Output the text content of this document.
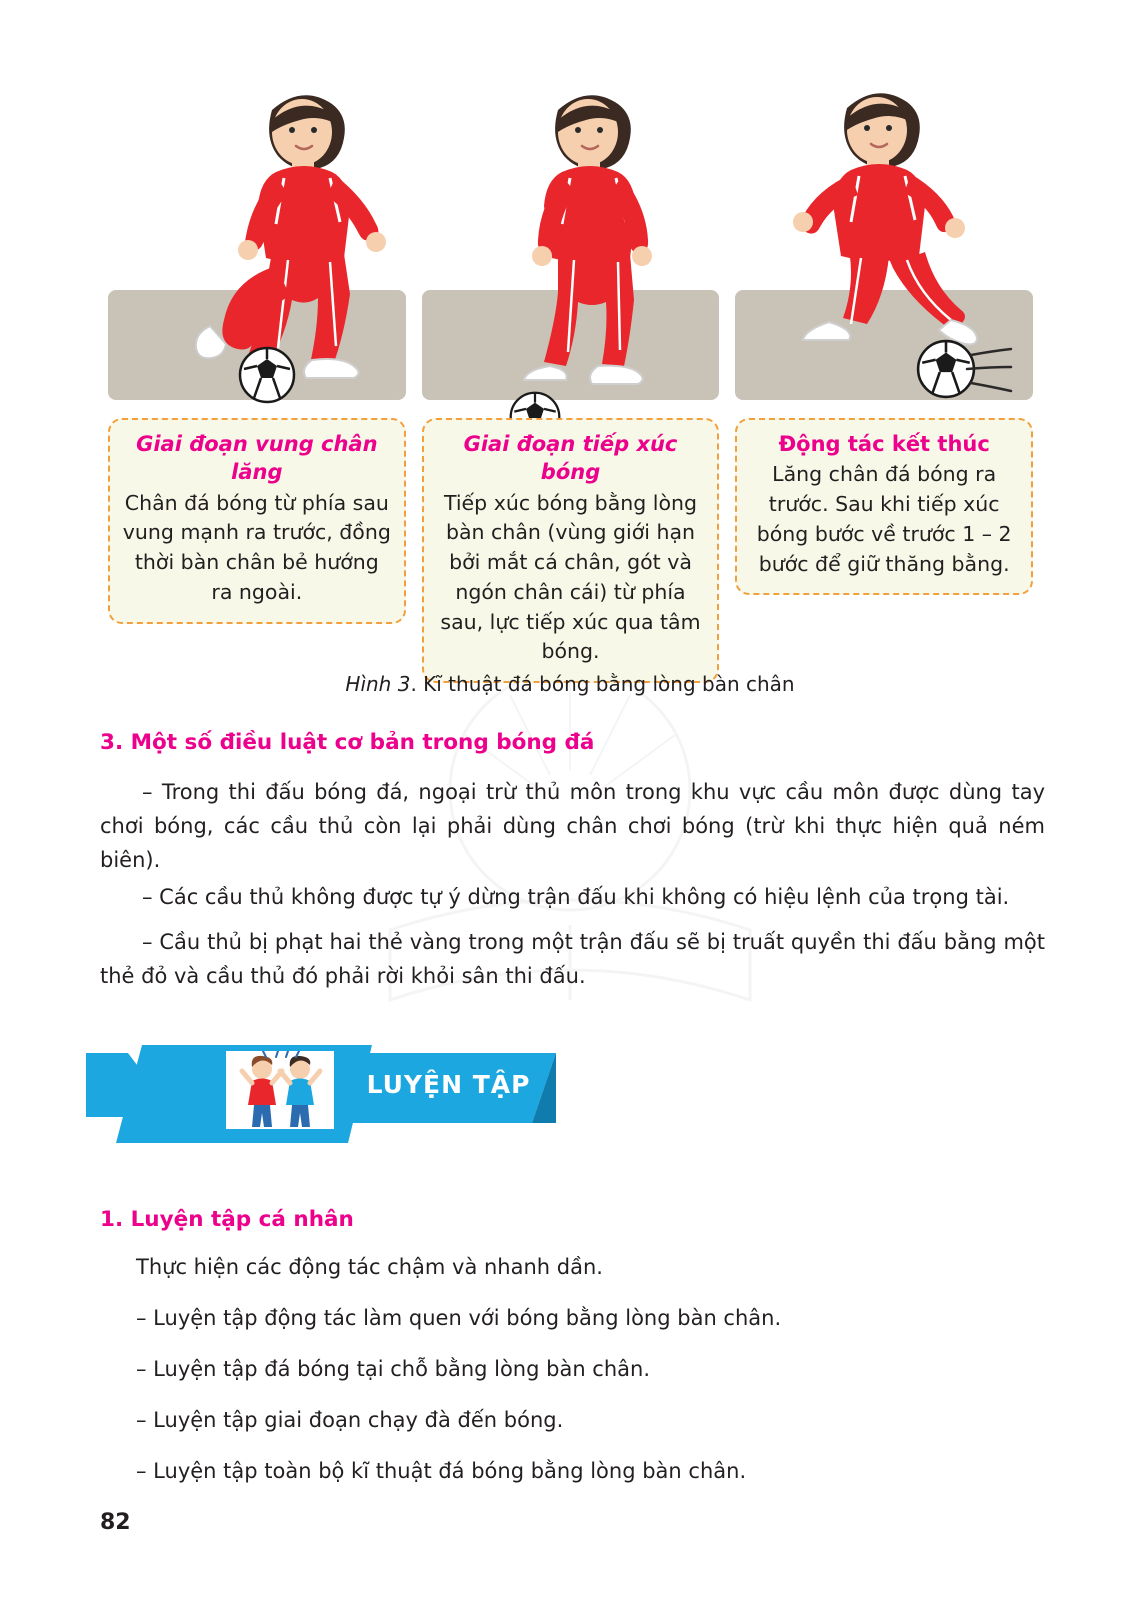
Giai đoạn vung chân lăng
Chân đá bóng từ phía sau vung mạnh ra trước, đồng thời bàn chân bẻ hướng ra ngoài.
Giai đoạn tiếp xúc bóng
Tiếp xúc bóng bằng lòng bàn chân (vùng giới hạn bởi mắt cá chân, gót và ngón chân cái) từ phía sau, lực tiếp xúc qua tâm bóng.
Động tác kết thúc
Lăng chân đá bóng ra trước. Sau khi tiếp xúc bóng bước về trước 1 – 2 bước để giữ thăng bằng.
Hình 3. Kĩ thuật đá bóng bằng lòng bàn chân
3. Một số điều luật cơ bản trong bóng đá
– Trong thi đấu bóng đá, ngoại trừ thủ môn trong khu vực cầu môn được dùng tay chơi bóng, các cầu thủ còn lại phải dùng chân chơi bóng (trừ khi thực hiện quả ném biên).
– Các cầu thủ không được tự ý dừng trận đấu khi không có hiệu lệnh của trọng tài.
– Cầu thủ bị phạt hai thẻ vàng trong một trận đấu sẽ bị truất quyền thi đấu bằng một thẻ đỏ và cầu thủ đó phải rời khỏi sân thi đấu.
LUYỆN TẬP
1. Luyện tập cá nhân
Thực hiện các động tác chậm và nhanh dần.
– Luyện tập động tác làm quen với bóng bằng lòng bàn chân.
– Luyện tập đá bóng tại chỗ bằng lòng bàn chân.
– Luyện tập giai đoạn chạy đà đến bóng.
– Luyện tập toàn bộ kĩ thuật đá bóng bằng lòng bàn chân.
82
